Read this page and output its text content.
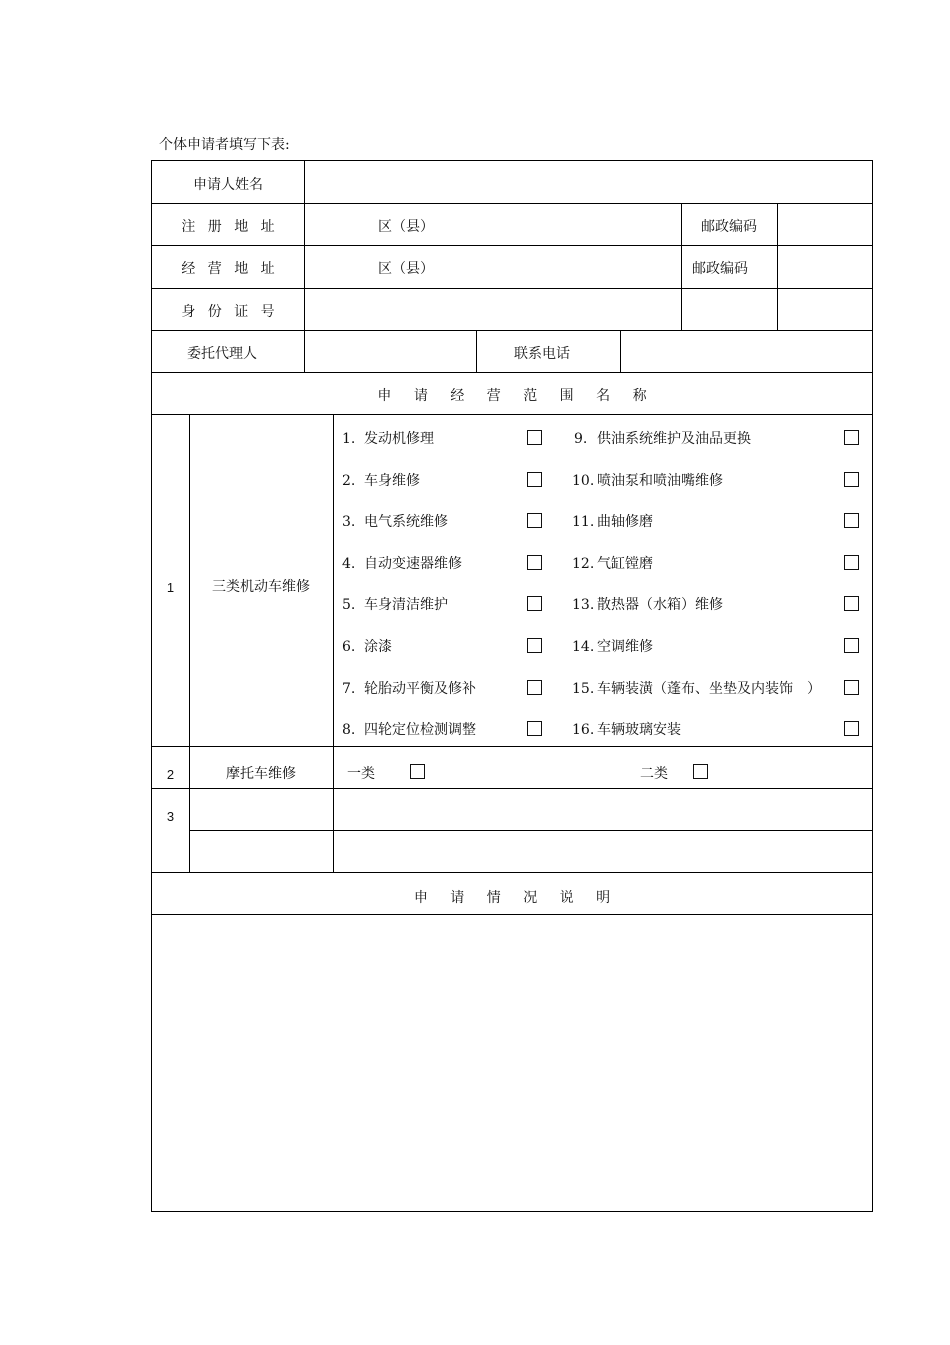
个体申请者填写下表:
申请人姓名
注 册 地 址	区（县）	邮政编码
经 营 地 址	区（县）	邮政编码
身 份 证 号
委托代理人	联系电话
申 请 经 营 范 围 名 称
1	三类机动车维修
1. 发动机修理
2. 车身维修
3. 电气系统维修
4. 自动变速器维修
5. 车身清洁维护
6. 涂漆
7. 轮胎动平衡及修补
8. 四轮定位检测调整
9. 供油系统维护及油品更换
10. 喷油泵和喷油嘴维修
11. 曲轴修磨
12. 气缸镗磨
13. 散热器（水箱）维修
14. 空调维修
15. 车辆装潢（蓬布、坐垫及内装饰　）
16. 车辆玻璃安装
2	摩托车维修	一类	二类
3
申 请 情 况 说 明
